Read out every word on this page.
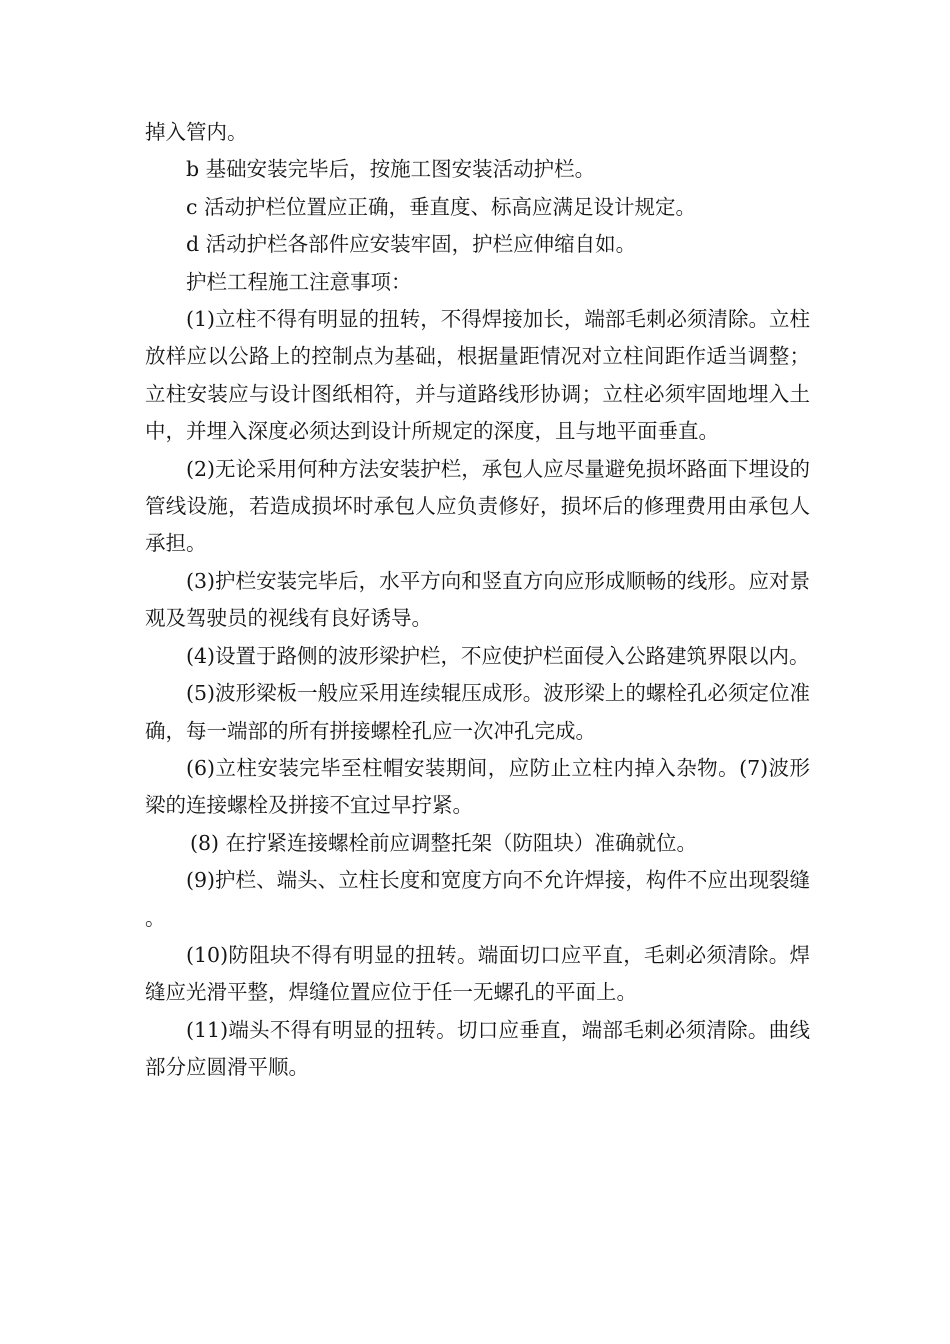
掉入管内。

b 基础安装完毕后，按施工图安装活动护栏。

c 活动护栏位置应正确，垂直度、标高应满足设计规定。

d 活动护栏各部件应安装牢固，护栏应伸缩自如。

护栏工程施工注意事项：

(1)立柱不得有明显的扭转，不得焊接加长，端部毛刺必须清除。立柱放样应以公路上的控制点为基础，根据量距情况对立柱间距作适当调整；立柱安装应与设计图纸相符，并与道路线形协调；立柱必须牢固地埋入土中，并埋入深度必须达到设计所规定的深度，且与地平面垂直。

(2)无论采用何种方法安装护栏，承包人应尽量避免损坏路面下埋设的管线设施，若造成损坏时承包人应负责修好，损坏后的修理费用由承包人承担。

(3)护栏安装完毕后，水平方向和竖直方向应形成顺畅的线形。应对景观及驾驶员的视线有良好诱导。

(4)设置于路侧的波形梁护栏，不应使护栏面侵入公路建筑界限以内。

(5)波形梁板一般应采用连续辊压成形。波形梁上的螺栓孔必须定位准确，每一端部的所有拼接螺栓孔应一次冲孔完成。

(6)立柱安装完毕至柱帽安装期间，应防止立柱内掉入杂物。(7)波形梁的连接螺栓及拼接不宜过早拧紧。

(8) 在拧紧连接螺栓前应调整托架（防阻块）准确就位。

(9)护栏、端头、立柱长度和宽度方向不允许焊接，构件不应出现裂缝。

(10)防阻块不得有明显的扭转。端面切口应平直，毛刺必须清除。焊缝应光滑平整，焊缝位置应位于任一无螺孔的平面上。

(11)端头不得有明显的扭转。切口应垂直，端部毛刺必须清除。曲线部分应圆滑平顺。
